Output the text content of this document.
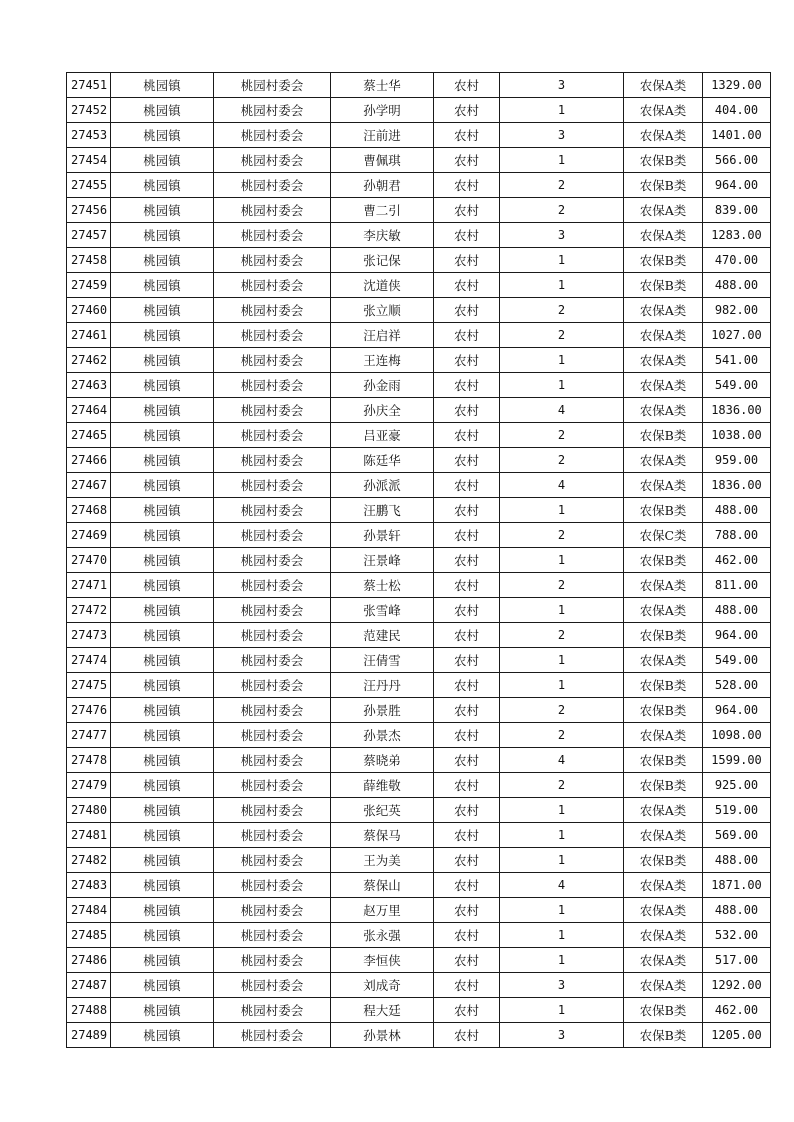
27451	桃园镇	桃园村委会	蔡士华	农村	3	农保A类	1329.00
27452	桃园镇	桃园村委会	孙学明	农村	1	农保A类	404.00
27453	桃园镇	桃园村委会	汪前进	农村	3	农保A类	1401.00
27454	桃园镇	桃园村委会	曹佩琪	农村	1	农保B类	566.00
27455	桃园镇	桃园村委会	孙朝君	农村	2	农保B类	964.00
27456	桃园镇	桃园村委会	曹二引	农村	2	农保A类	839.00
27457	桃园镇	桃园村委会	李庆敏	农村	3	农保A类	1283.00
27458	桃园镇	桃园村委会	张记保	农村	1	农保B类	470.00
27459	桃园镇	桃园村委会	沈道侠	农村	1	农保B类	488.00
27460	桃园镇	桃园村委会	张立顺	农村	2	农保A类	982.00
27461	桃园镇	桃园村委会	汪启祥	农村	2	农保A类	1027.00
27462	桃园镇	桃园村委会	王连梅	农村	1	农保A类	541.00
27463	桃园镇	桃园村委会	孙金雨	农村	1	农保A类	549.00
27464	桃园镇	桃园村委会	孙庆全	农村	4	农保A类	1836.00
27465	桃园镇	桃园村委会	吕亚豪	农村	2	农保B类	1038.00
27466	桃园镇	桃园村委会	陈廷华	农村	2	农保A类	959.00
27467	桃园镇	桃园村委会	孙派派	农村	4	农保A类	1836.00
27468	桃园镇	桃园村委会	汪鹏飞	农村	1	农保B类	488.00
27469	桃园镇	桃园村委会	孙景轩	农村	2	农保C类	788.00
27470	桃园镇	桃园村委会	汪景峰	农村	1	农保B类	462.00
27471	桃园镇	桃园村委会	蔡士松	农村	2	农保A类	811.00
27472	桃园镇	桃园村委会	张雪峰	农村	1	农保A类	488.00
27473	桃园镇	桃园村委会	范建民	农村	2	农保B类	964.00
27474	桃园镇	桃园村委会	汪倩雪	农村	1	农保A类	549.00
27475	桃园镇	桃园村委会	汪丹丹	农村	1	农保B类	528.00
27476	桃园镇	桃园村委会	孙景胜	农村	2	农保B类	964.00
27477	桃园镇	桃园村委会	孙景杰	农村	2	农保A类	1098.00
27478	桃园镇	桃园村委会	蔡晓弟	农村	4	农保B类	1599.00
27479	桃园镇	桃园村委会	薛维敬	农村	2	农保B类	925.00
27480	桃园镇	桃园村委会	张纪英	农村	1	农保A类	519.00
27481	桃园镇	桃园村委会	蔡保马	农村	1	农保A类	569.00
27482	桃园镇	桃园村委会	王为美	农村	1	农保B类	488.00
27483	桃园镇	桃园村委会	蔡保山	农村	4	农保A类	1871.00
27484	桃园镇	桃园村委会	赵万里	农村	1	农保A类	488.00
27485	桃园镇	桃园村委会	张永强	农村	1	农保A类	532.00
27486	桃园镇	桃园村委会	李恒侠	农村	1	农保A类	517.00
27487	桃园镇	桃园村委会	刘成奇	农村	3	农保A类	1292.00
27488	桃园镇	桃园村委会	程大廷	农村	1	农保B类	462.00
27489	桃园镇	桃园村委会	孙景林	农村	3	农保B类	1205.00
